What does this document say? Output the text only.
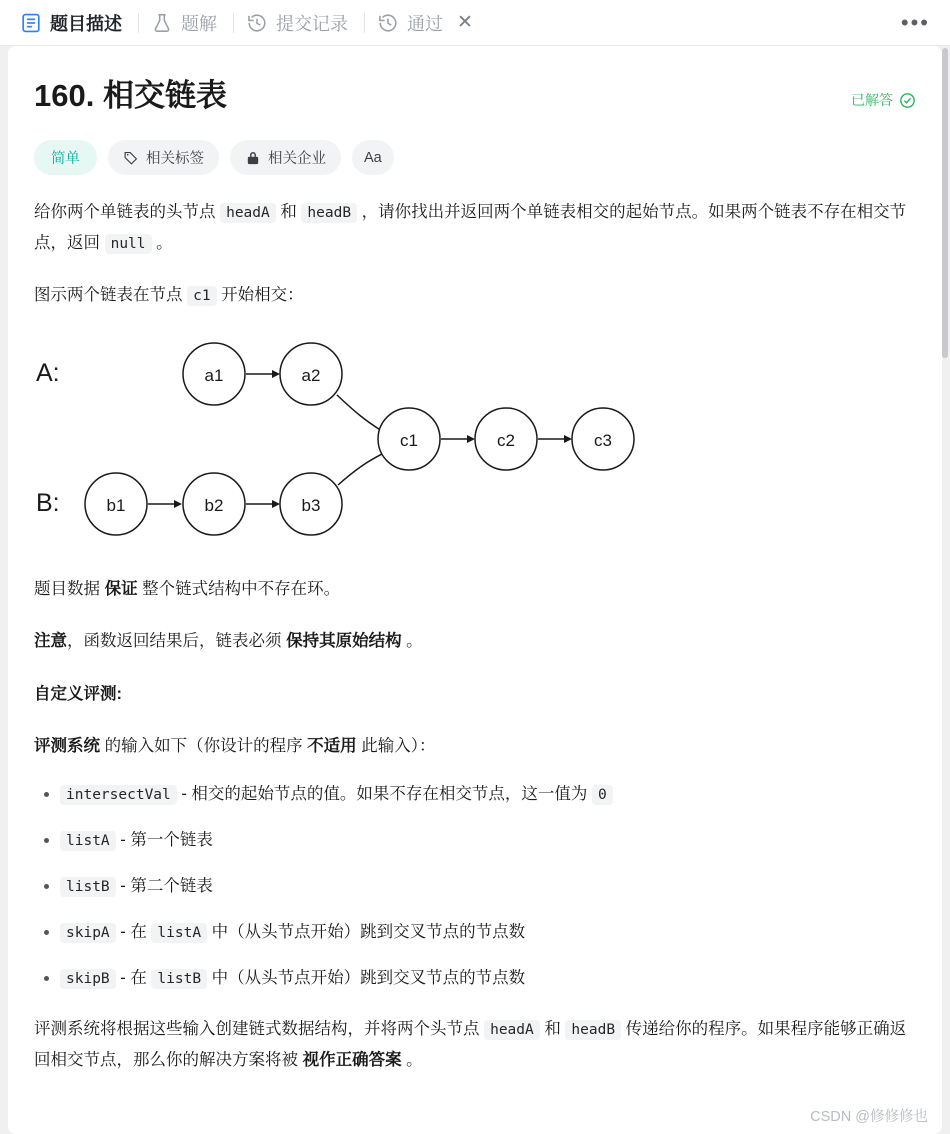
题目描述	题解	提交记录	通过 ✕	•••
160. 相交链表	已解答
简单	相关标签	相关企业	Aa

给你两个单链表的头节点 headA 和 headB ，请你找出并返回两个单链表相交的起始节点。如果两个链表不存在相交节点，返回 null 。

图示两个链表在节点 c1 开始相交：

A:	a1	a2
B:	b1	b2	b3
c1	c2	c3

题目数据 保证 整个链式结构中不存在环。

注意，函数返回结果后，链表必须 保持其原始结构 。

自定义评测:

评测系统 的输入如下（你设计的程序 不适用 此输入）：

• intersectVal - 相交的起始节点的值。如果不存在相交节点，这一值为 0
• listA - 第一个链表
• listB - 第二个链表
• skipA - 在 listA 中（从头节点开始）跳到交叉节点的节点数
• skipB - 在 listB 中（从头节点开始）跳到交叉节点的节点数

评测系统将根据这些输入创建链式数据结构，并将两个头节点 headA 和 headB 传递给你的程序。如果程序能够正确返回相交节点，那么你的解决方案将被 视作正确答案 。

CSDN @修修修也
